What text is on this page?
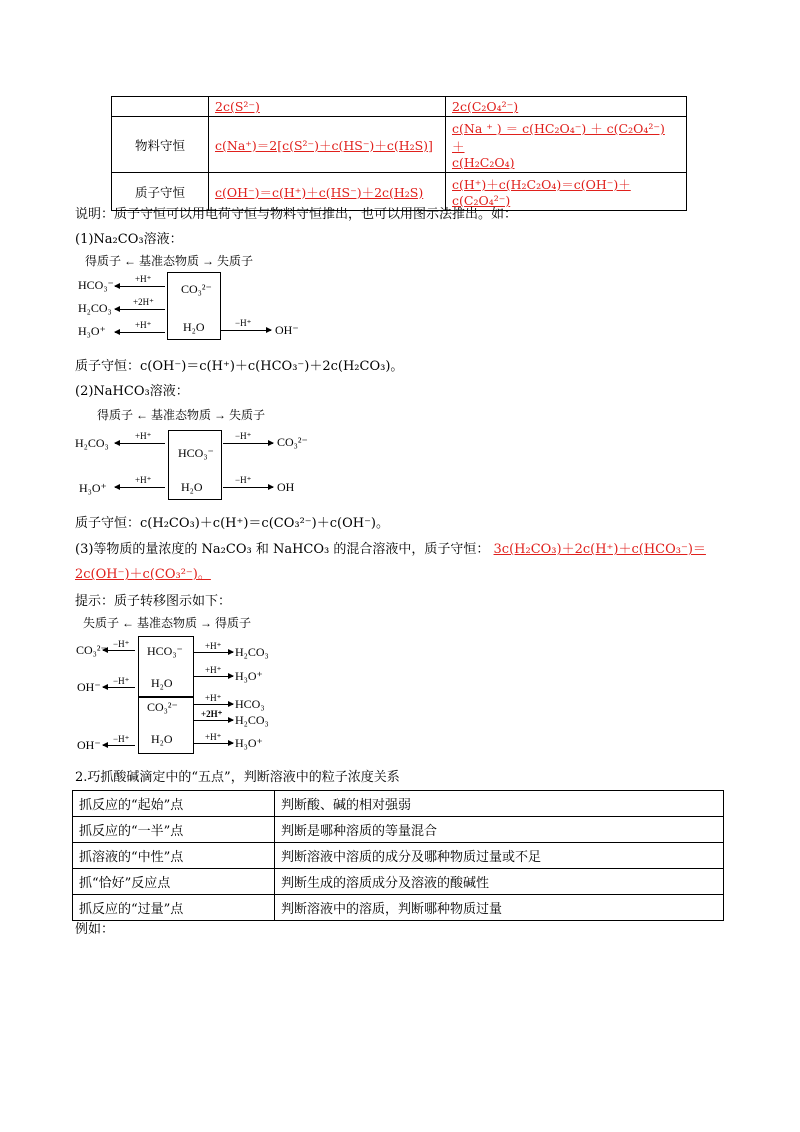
	2c(S²⁻)	2c(C₂O₄²⁻)
物料守恒	c(Na⁺)＝2[c(S²⁻)＋c(HS⁻)＋c(H₂S)]	c(Na ⁺ ) ＝ c(HC₂O₄⁻) ＋ c(C₂O₄²⁻) ＋
c(H₂C₂O₄)

质子守恒	c(OH⁻)＝c(H⁺)＋c(HS⁻)＋2c(H₂S)	c(H⁺)＋c(H₂C₂O₄)＝c(OH⁻)＋c(C₂O₄²⁻)
说明：质子守恒可以用电荷守恒与物料守恒推出，也可以用图示法推出。如：
(1)Na₂CO₃溶液：
得质子 ← 基准态物质 → 失质子
CO₃²⁻
H₂O
HCO₃⁻
H₂CO₃
H₃O⁺
+H⁺
+2H⁺
+H⁺	−H⁺ OH⁻
质子守恒：c(OH⁻)＝c(H⁺)＋c(HCO₃⁻)＋2c(H₂CO₃)。
(2)NaHCO₃溶液：
得质子 ← 基准态物质 → 失质子
HCO₃⁻
H₂O
H₂CO₃
H₃O⁺
+H⁺
+H⁺
−H⁺
−H⁺
CO₃²⁻
OH
质子守恒：c(H₂CO₃)＋c(H⁺)＝c(CO₃²⁻)＋c(OH⁻)。
(3)等物质的量浓度的 Na₂CO₃ 和 NaHCO₃ 的混合溶液中，质子守恒： 3c(H₂CO₃)＋2c(H⁺)＋c(HCO₃⁻)＝
2c(OH⁻)＋c(CO₃²⁻)。
提示：质子转移图示如下：
失质子 ← 基准态物质 → 得质子
HCO₃⁻
H₂O
CO₃²⁻
H₂O
CO₃²⁻
OH⁻
OH⁻
−H⁺
−H⁺
−H⁺
+H⁺
+H⁺
+H⁺
+2H⁺
+H⁺
H₂CO₃
H₃O⁺
HCO₃
H₂CO₃
H₃O⁺
2.巧抓酸碱滴定中的“五点”，判断溶液中的粒子浓度关系
抓反应的“起始”点	判断酸、碱的相对强弱
抓反应的“一半”点	判断是哪种溶质的等量混合
抓溶液的“中性”点	判断溶液中溶质的成分及哪种物质过量或不足
抓“恰好”反应点	判断生成的溶质成分及溶液的酸碱性
抓反应的“过量”点	判断溶液中的溶质，判断哪种物质过量
例如：
